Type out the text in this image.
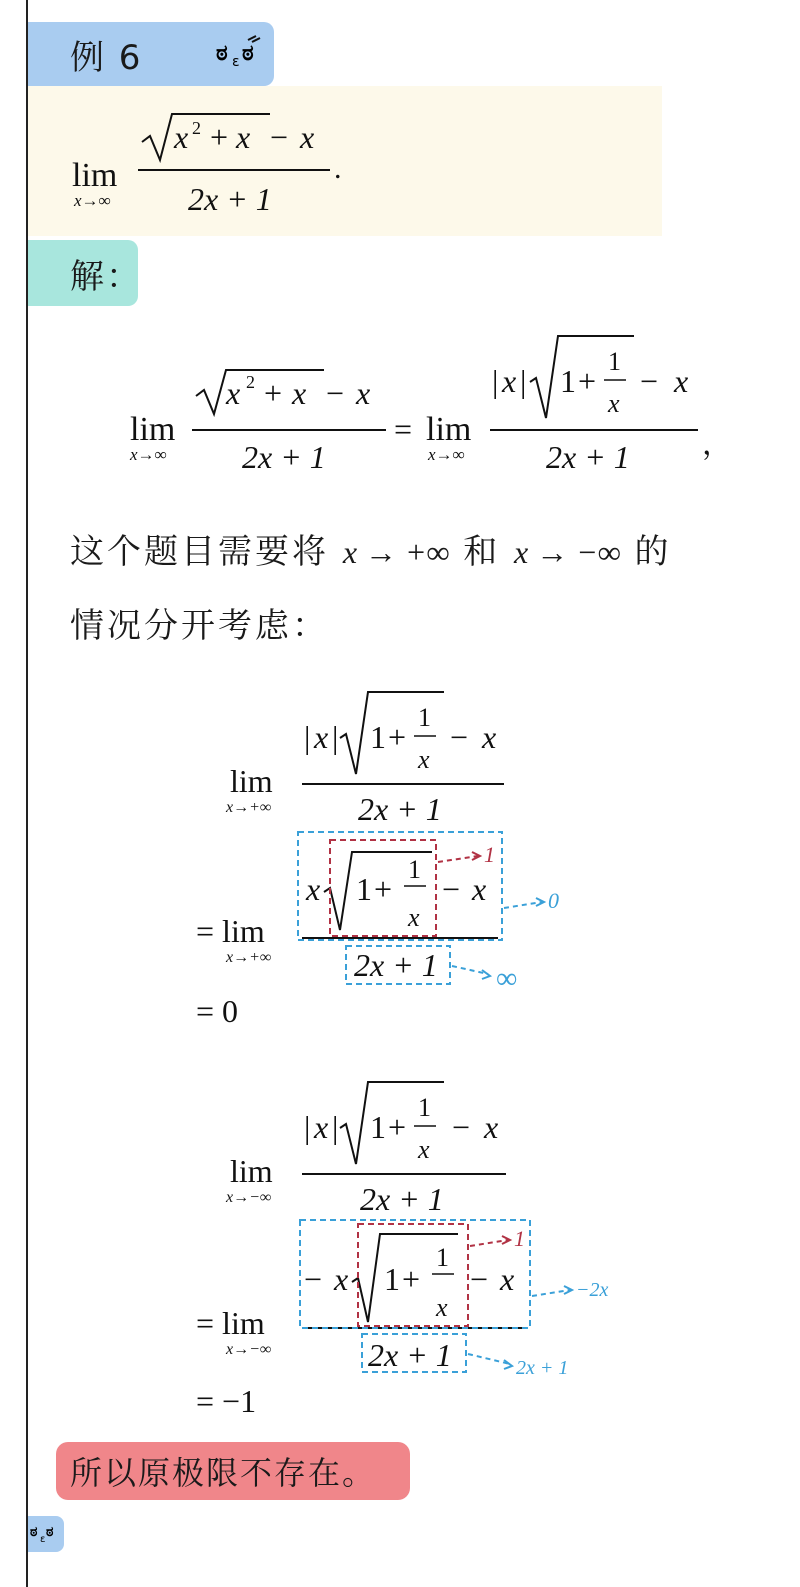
例 6	ಠ ε ಠ
lim
x→∞
x 2 + x − x
2x + 1
.
解：
lim
x→∞
x 2 + x − x
2x + 1
= lim
x→∞
| x | 1 +
1
x
− x
2x + 1 ，
这个题目需要将 x → +∞ 和 x → −∞ 的
情况分开考虑：
lim
x→+∞
| x | 1 +
1
x
− x
2x + 1
= lim
x→+∞
x 1 +
1
x
− x
2x + 1
= 0
1
0
∞
lim
x→−∞
| x | 1 +
1
x
− x
2x + 1
= lim
x→−∞
− x 1 +
1
x
− x
2x + 1
= −1
1
−2x
2x + 1
所以原极限不存在。
ಠ ε ಠ
